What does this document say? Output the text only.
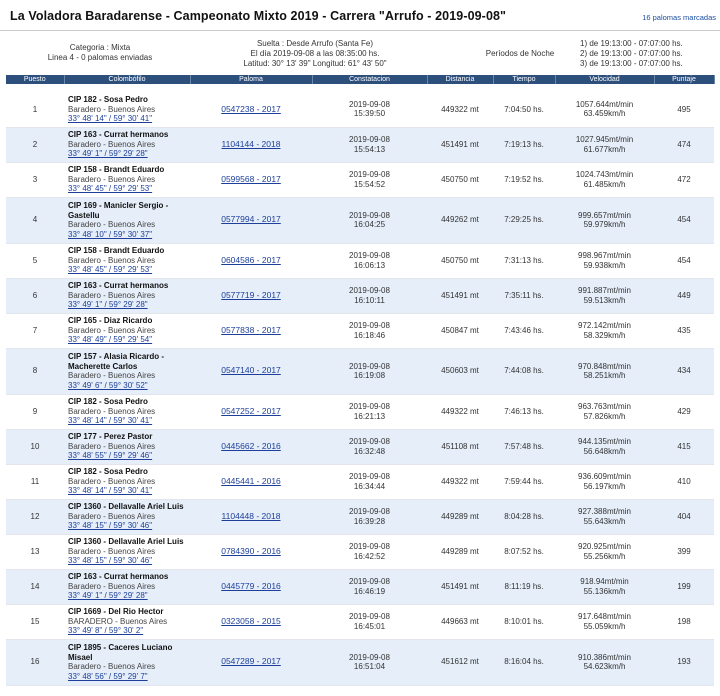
La Voladora Baradarense - Campeonato Mixto 2019 - Carrera "Arrufo - 2019-09-08"	16 palomas marcadas
Categoria : Mixta
Linea 4 - 0 palomas enviadas
Suelta : Desde Arrufo (Santa Fe)
El día 2019-09-08 a las 08:35:00 hs.
Latitud: 30° 13' 39" Longitud: 61° 43' 50"
Períodos de Noche
1) de 19:13:00 - 07:07:00 hs.
2) de 19:13:00 - 07:07:00 hs.
3) de 19:13:00 - 07:07:00 hs.
Puesto	Colombófilo	Paloma	Constatacion	Distancia	Tiempo	Velocidad	Puntaje

1	CIP 182 - Sosa Pedro
Baradero - Buenos Aires
33° 48' 14" / 59° 30' 41"	0547238 - 2017	2019-09-08
15:39:50	449322 mt	7:04:50 hs.	1057.644mt/min
63.459km/h	495
2	CIP 163 - Currat hermanos
Baradero - Buenos Aires
33° 49' 1" / 59° 29' 28"	1104144 - 2018	2019-09-08
15:54:13	451491 mt	7:19:13 hs.	1027.945mt/min
61.677km/h	474
3	CIP 158 - Brandt Eduardo
Baradero - Buenos Aires
33° 48' 45" / 59° 29' 53"	0599568 - 2017	2019-09-08
15:54:52	450750 mt	7:19:52 hs.	1024.743mt/min
61.485km/h	472
4	CIP 169 - Manicler Sergio - Gastellu
Baradero - Buenos Aires
33° 48' 10" / 59° 30' 37"	0577994 - 2017	2019-09-08
16:04:25	449262 mt	7:29:25 hs.	999.657mt/min
59.979km/h	454
5	CIP 158 - Brandt Eduardo
Baradero - Buenos Aires
33° 48' 45" / 59° 29' 53"	0604586 - 2017	2019-09-08
16:06:13	450750 mt	7:31:13 hs.	998.967mt/min
59.938km/h	454
6	CIP 163 - Currat hermanos
Baradero - Buenos Aires
33° 49' 1" / 59° 29' 28"	0577719 - 2017	2019-09-08
16:10:11	451491 mt	7:35:11 hs.	991.887mt/min
59.513km/h	449
7	CIP 165 - Diaz Ricardo
Baradero - Buenos Aires
33° 48' 49" / 59° 29' 54"	0577838 - 2017	2019-09-08
16:18:46	450847 mt	7:43:46 hs.	972.142mt/min
58.329km/h	435
8	CIP 157 - Alasia Ricardo - Macherette Carlos
Baradero - Buenos Aires
33° 49' 6" / 59° 30' 52"	0547140 - 2017	2019-09-08
16:19:08	450603 mt	7:44:08 hs.	970.848mt/min
58.251km/h	434
9	CIP 182 - Sosa Pedro
Baradero - Buenos Aires
33° 48' 14" / 59° 30' 41"	0547252 - 2017	2019-09-08
16:21:13	449322 mt	7:46:13 hs.	963.763mt/min
57.826km/h	429
10	CIP 177 - Perez Pastor
Baradero - Buenos Aires
33° 48' 55" / 59° 29' 46"	0445662 - 2016	2019-09-08
16:32:48	451108 mt	7:57:48 hs.	944.135mt/min
56.648km/h	415
11	CIP 182 - Sosa Pedro
Baradero - Buenos Aires
33° 48' 14" / 59° 30' 41"	0445441 - 2016	2019-09-08
16:34:44	449322 mt	7:59:44 hs.	936.609mt/min
56.197km/h	410
12	CIP 1360 - Dellavalle Ariel Luis
Baradero - Buenos Aires
33° 48' 15" / 59° 30' 46"	1104448 - 2018	2019-09-08
16:39:28	449289 mt	8:04:28 hs.	927.388mt/min
55.643km/h	404
13	CIP 1360 - Dellavalle Ariel Luis
Baradero - Buenos Aires
33° 48' 15" / 59° 30' 46"	0784390 - 2016	2019-09-08
16:42:52	449289 mt	8:07:52 hs.	920.925mt/min
55.256km/h	399
14	CIP 163 - Currat hermanos
Baradero - Buenos Aires
33° 49' 1" / 59° 29' 28"	0445779 - 2016	2019-09-08
16:46:19	451491 mt	8:11:19 hs.	918.94mt/min
55.136km/h	199
15	CIP 1669 - Del Rio Hector
BARADERO - Buenos Aires
33° 49' 8" / 59° 30' 2"	0323058 - 2015	2019-09-08
16:45:01	449663 mt	8:10:01 hs.	917.648mt/min
55.059km/h	198
16	CIP 1895 - Caceres Luciano Misael
Baradero - Buenos Aires
33° 48' 56" / 59° 29' 7"	0547289 - 2017	2019-09-08
16:51:04	451612 mt	8:16:04 hs.	910.386mt/min
54.623km/h	193
